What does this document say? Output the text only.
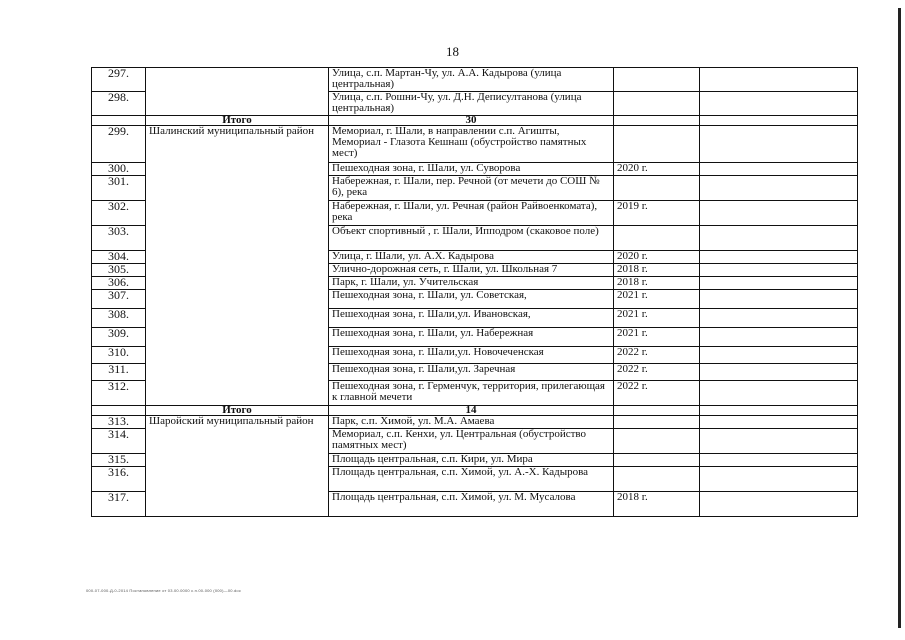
18
297.		Улица, с.п. Мартан-Чу, ул. А.А. Кадырова (улица центральная)		
298.		Улица, с.п. Рошни-Чу, ул. Д.Н. Деписултанова (улица центральная)		
	Итого	30		
299.	Шалинский муниципальный район	Мемориал, г. Шали, в направлении с.п. Агишты, Мемориал - Глазота Кешнаш (обустройство памятных мест)		
300.		Пешеходная зона, г. Шали, ул. Суворова	2020 г.	
301.		Набережная, г. Шали, пер. Речной (от мечети до СОШ № 6), река		
302.		Набережная, г. Шали, ул. Речная (район Райвоенкомата), река	2019 г.	
303.		Объект спортивный , г. Шали, Ипподром (скаковое поле)		
304.		Улица, г. Шали, ул. А.Х. Кадырова	2020 г.	
305.		Улично-дорожная сеть, г. Шали, ул. Школьная 7	2018 г.	
306.		Парк, г. Шали, ул. Учительская	2018 г.	
307.		Пешеходная зона, г. Шали, ул. Советская,	2021 г.	
308.		Пешеходная зона, г. Шали,ул. Ивановская,	2021 г.	
309.		Пешеходная зона, г. Шали, ул. Набережная	2021 г.	
310.		Пешеходная зона, г. Шали,ул. Новочеченская	2022 г.	
311.		Пешеходная зона, г. Шали,ул. Заречная	2022 г.	
312.		Пешеходная зона, г. Герменчук, территория, прилегающая к главной мечети	2022 г.	
	Итого	14		
313.	Шаройский муниципальный район	Парк, с.п. Химой, ул. М.А. Амаева		
314.		Мемориал, с.п. Кенхи, ул. Центральная (обустройство памятных мест)		
315.		Площадь центральная, с.п. Кири, ул. Мира		
316.		Площадь центральная, с.п. Химой, ул. А.-Х. Кадырова		
317.		Площадь центральная, с.п. Химой, ул. М. Мусалова	2018 г.	
000-07-000-Д-0-2014 Постановление от 03.00.0000 с.п.00-000 (000)—00.doc
